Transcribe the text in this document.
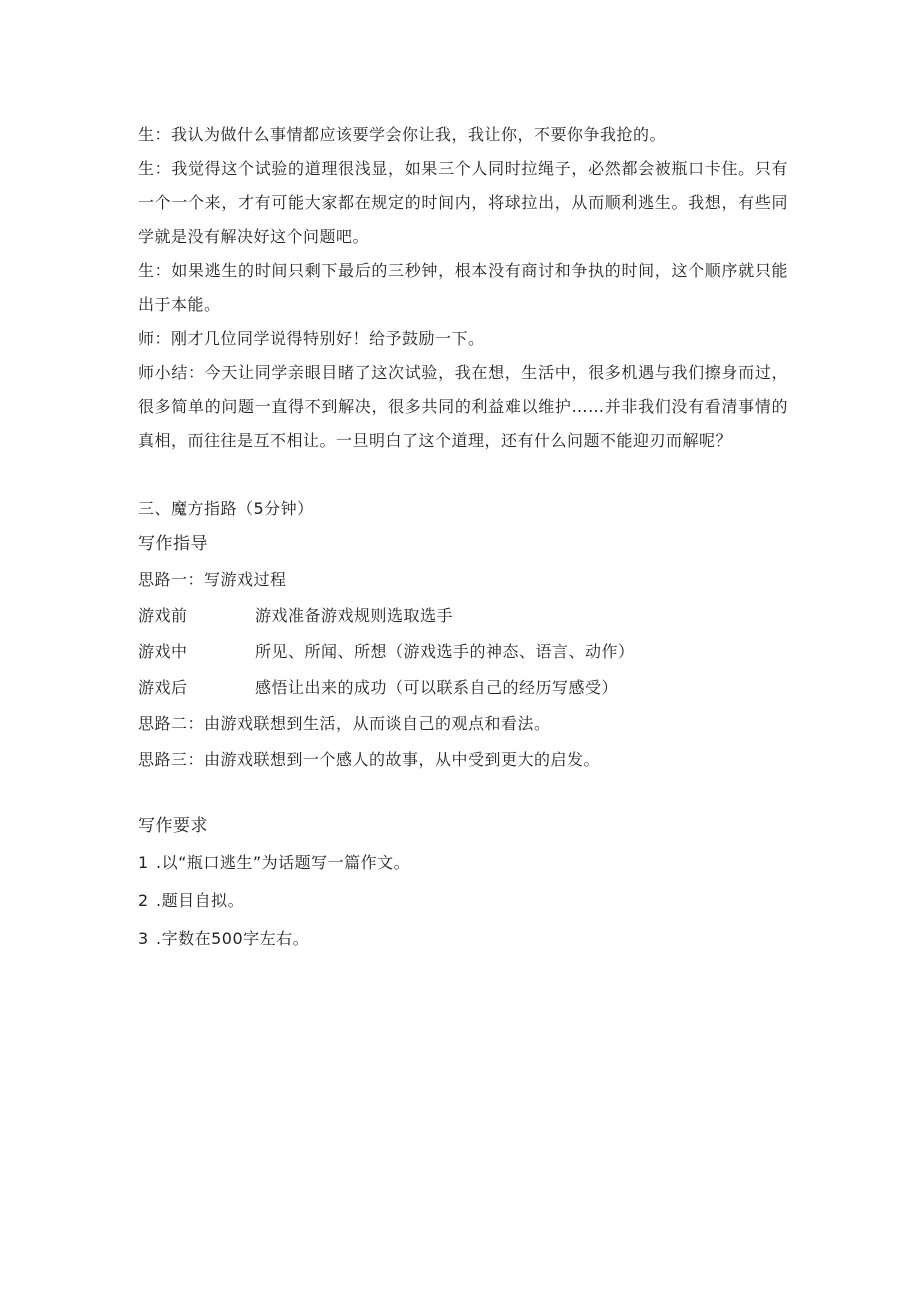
生：我认为做什么事情都应该要学会你让我，我让你，不要你争我抢的。

生：我觉得这个试验的道理很浅显，如果三个人同时拉绳子，必然都会被瓶口卡住。只有一个一个来，才有可能大家都在规定的时间内，将球拉出，从而顺利逃生。我想，有些同学就是没有解决好这个问题吧。

生：如果逃生的时间只剩下最后的三秒钟，根本没有商讨和争执的时间，这个顺序就只能出于本能。

师：刚才几位同学说得特别好！给予鼓励一下。

师小结：今天让同学亲眼目睹了这次试验，我在想，生活中，很多机遇与我们擦身而过，很多简单的问题一直得不到解决，很多共同的利益难以维护……并非我们没有看清事情的真相，而往往是互不相让。一旦明白了这个道理，还有什么问题不能迎刃而解呢？

三、魔方指路（5分钟）

写作指导

思路一：写游戏过程

游戏前	游戏准备游戏规则选取选手
游戏中	所见、所闻、所想（游戏选手的神态、语言、动作）
游戏后	感悟让出来的成功（可以联系自己的经历写感受）

思路二：由游戏联想到生活，从而谈自己的观点和看法。

思路三：由游戏联想到一个感人的故事，从中受到更大的启发。

写作要求

1 .以“瓶口逃生”为话题写一篇作文。

2 .题目自拟。

3 .字数在500字左右。
